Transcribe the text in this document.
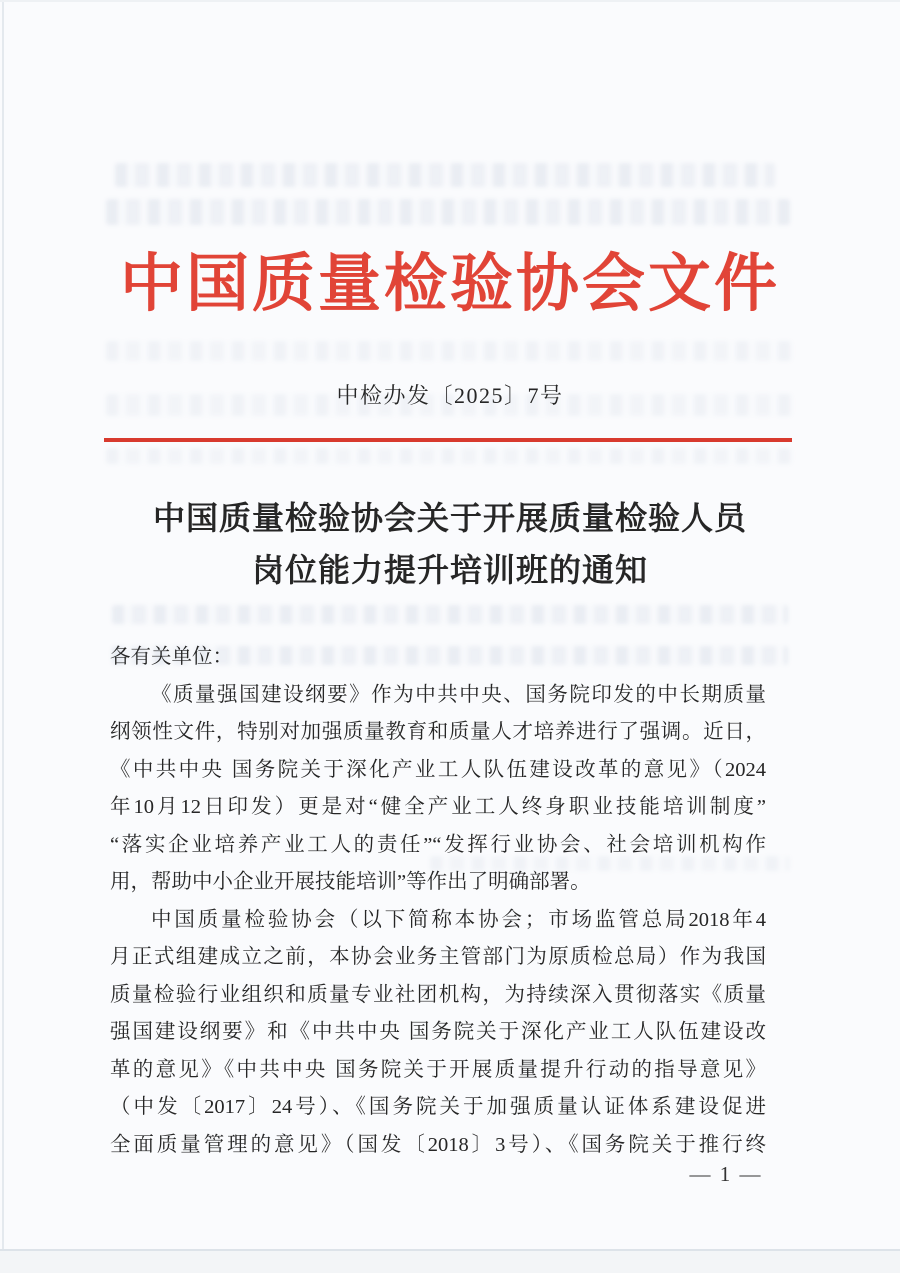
中国质量检验协会文件
中检办发〔2025〕7号
中国质量检验协会关于开展质量检验人员
岗位能力提升培训班的通知
各有关单位：
《质量强国建设纲要》作为中共中央、国务院印发的中长期质量
纲领性文件，特别对加强质量教育和质量人才培养进行了强调。近日，
《中共中央 国务院关于深化产业工人队伍建设改革的意见》（2024
年10月12日印发）更是对“健全产业工人终身职业技能培训制度”
“落实企业培养产业工人的责任”“发挥行业协会、社会培训机构作
用，帮助中小企业开展技能培训”等作出了明确部署。
中国质量检验协会（以下简称本协会；市场监管总局2018年4
月正式组建成立之前，本协会业务主管部门为原质检总局）作为我国
质量检验行业组织和质量专业社团机构，为持续深入贯彻落实《质量
强国建设纲要》和《中共中央 国务院关于深化产业工人队伍建设改
革的意见》《中共中央 国务院关于开展质量提升行动的指导意见》
（中发〔2017〕24号）、《国务院关于加强质量认证体系建设促进
全面质量管理的意见》（国发〔2018〕3号）、《国务院关于推行终
— 1 —
